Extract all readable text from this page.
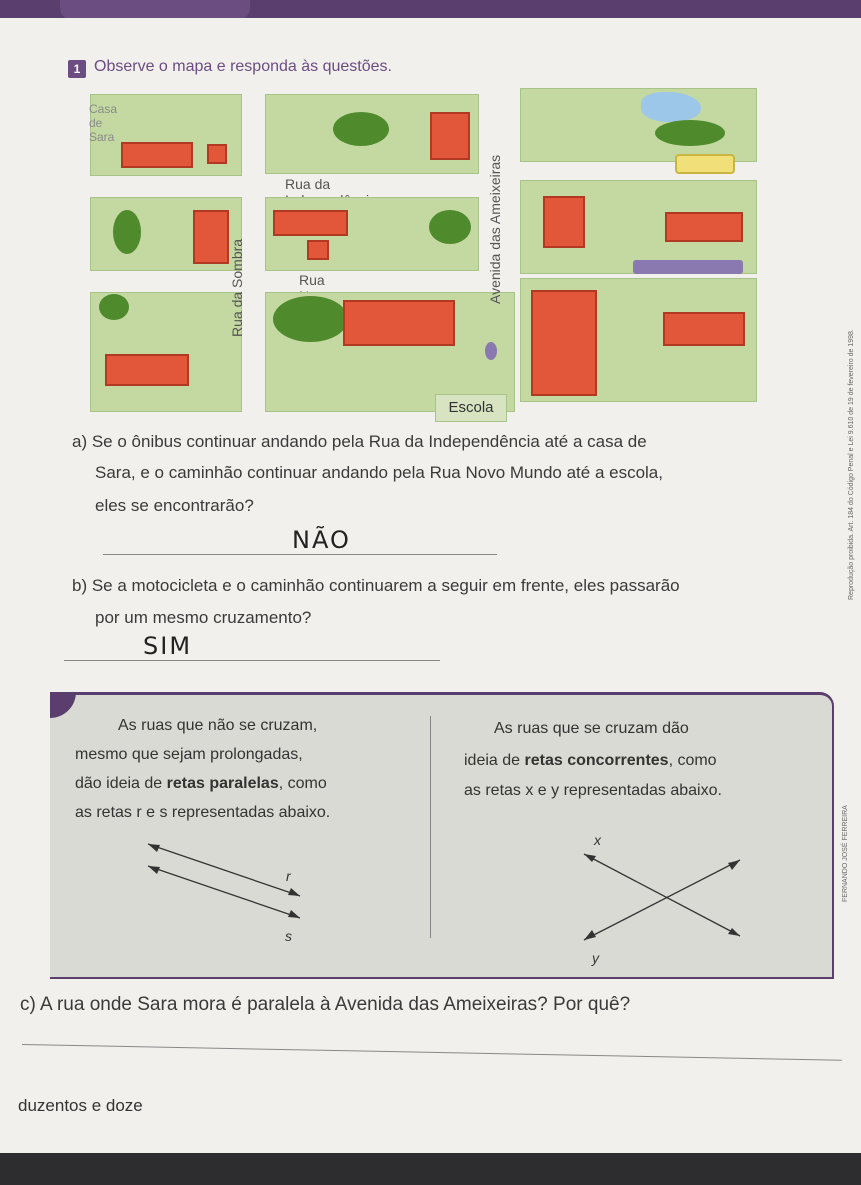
1 Observe o mapa e responda às questões.
Casa de Sara
Rua da
Rua
Escola
Rua da Sombra	Avenida das Ameixeiras
a) Se o ônibus continuar andando pela Rua da Independência até a casa de
Sara, e o caminhão continuar andando pela Rua Novo Mundo até a escola,
eles se encontrarão?
NÃO
b) Se a motocicleta e o caminhão continuarem a seguir em frente, eles passarão
por um mesmo cruzamento?
SIM
As ruas que não se cruzam,
mesmo que sejam prolongadas,
dão ideia de retas paralelas, como
as retas r e s representadas abaixo.
As ruas que se cruzam dão
ideia de retas concorrentes, como
as retas x e y representadas abaixo.
r
s
x
y
FERNANDO JOSÉ FERREIRA
Reprodução proibida. Art. 184 do Código Penal e Lei 9.610 de 19 de fevereiro de 1998.
c) A rua onde Sara mora é paralela à Avenida das Ameixeiras? Por quê?
duzentos e doze
